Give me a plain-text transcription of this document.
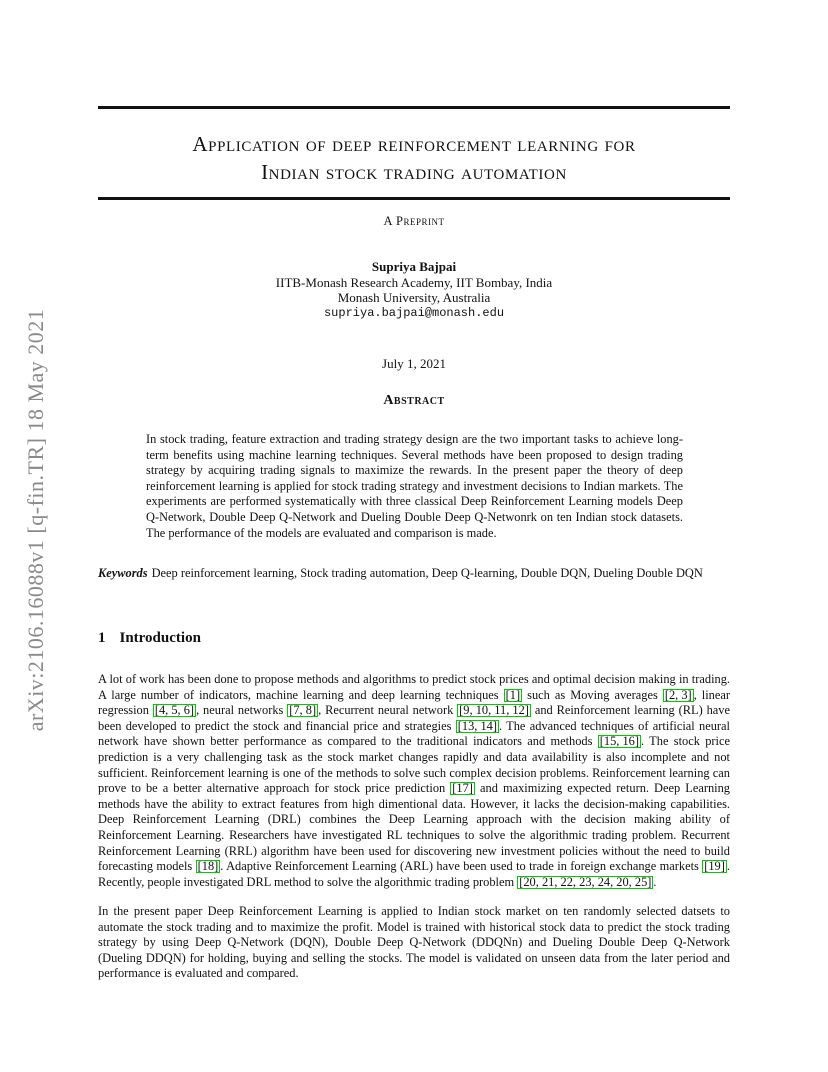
arXiv:2106.16088v1 [q-fin.TR] 18 May 2021
Application of deep reinforcement learning for
Indian stock trading automation
A Preprint
Supriya Bajpai
IITB-Monash Research Academy, IIT Bombay, India
Monash University, Australia
supriya.bajpai@monash.edu
July 1, 2021
Abstract
In stock trading, feature extraction and trading strategy design are the two important tasks to achieve long-term benefits using machine learning techniques. Several methods have been proposed to design trading strategy by acquiring trading signals to maximize the rewards. In the present paper the theory of deep reinforcement learning is applied for stock trading strategy and investment decisions to Indian markets. The experiments are performed systematically with three classical Deep Reinforcement Learning models Deep Q-Network, Double Deep Q-Network and Dueling Double Deep Q-Netwonrk on ten Indian stock datasets. The performance of the models are evaluated and comparison is made.
Keywords Deep reinforcement learning, Stock trading automation, Deep Q-learning, Double DQN, Dueling Double DQN
1 Introduction
A lot of work has been done to propose methods and algorithms to predict stock prices and optimal decision making in trading. A large number of indicators, machine learning and deep learning techniques [1] such as Moving averages [2, 3] , linear regression [4, 5, 6] , neural networks [7, 8] , Recurrent neural network [9, 10, 11, 12] and Reinforcement learning (RL) have been developed to predict the stock and financial price and strategies [13, 14] . The advanced techniques of artificial neural network have shown better performance as compared to the traditional indicators and methods [15, 16] . The stock price prediction is a very challenging task as the stock market changes rapidly and data availability is also incomplete and not sufficient. Reinforcement learning is one of the methods to solve such complex decision problems. Reinforcement learning can prove to be a better alternative approach for stock price prediction [17] and maximizing expected return. Deep Learning methods have the ability to extract features from high dimentional data. However, it lacks the decision-making capabilities. Deep Reinforcement Learning (DRL) combines the Deep Learning approach with the decision making ability of Reinforcement Learning. Researchers have investigated RL techniques to solve the algorithmic trading problem. Recurrent Reinforcement Learning (RRL) algorithm have been used for discovering new investment policies without the need to build forecasting models [18] . Adaptive Reinforcement Learning (ARL) have been used to trade in foreign exchange markets [19] . Recently, people investigated DRL method to solve the algorithmic trading problem [20, 21, 22, 23, 24, 20, 25] .
In the present paper Deep Reinforcement Learning is applied to Indian stock market on ten randomly selected datsets to automate the stock trading and to maximize the profit. Model is trained with historical stock data to predict the stock trading strategy by using Deep Q-Network (DQN), Double Deep Q-Network (DDQNn) and Dueling Double Deep Q-Network (Dueling DDQN) for holding, buying and selling the stocks. The model is validated on unseen data from the later period and performance is evaluated and compared.
